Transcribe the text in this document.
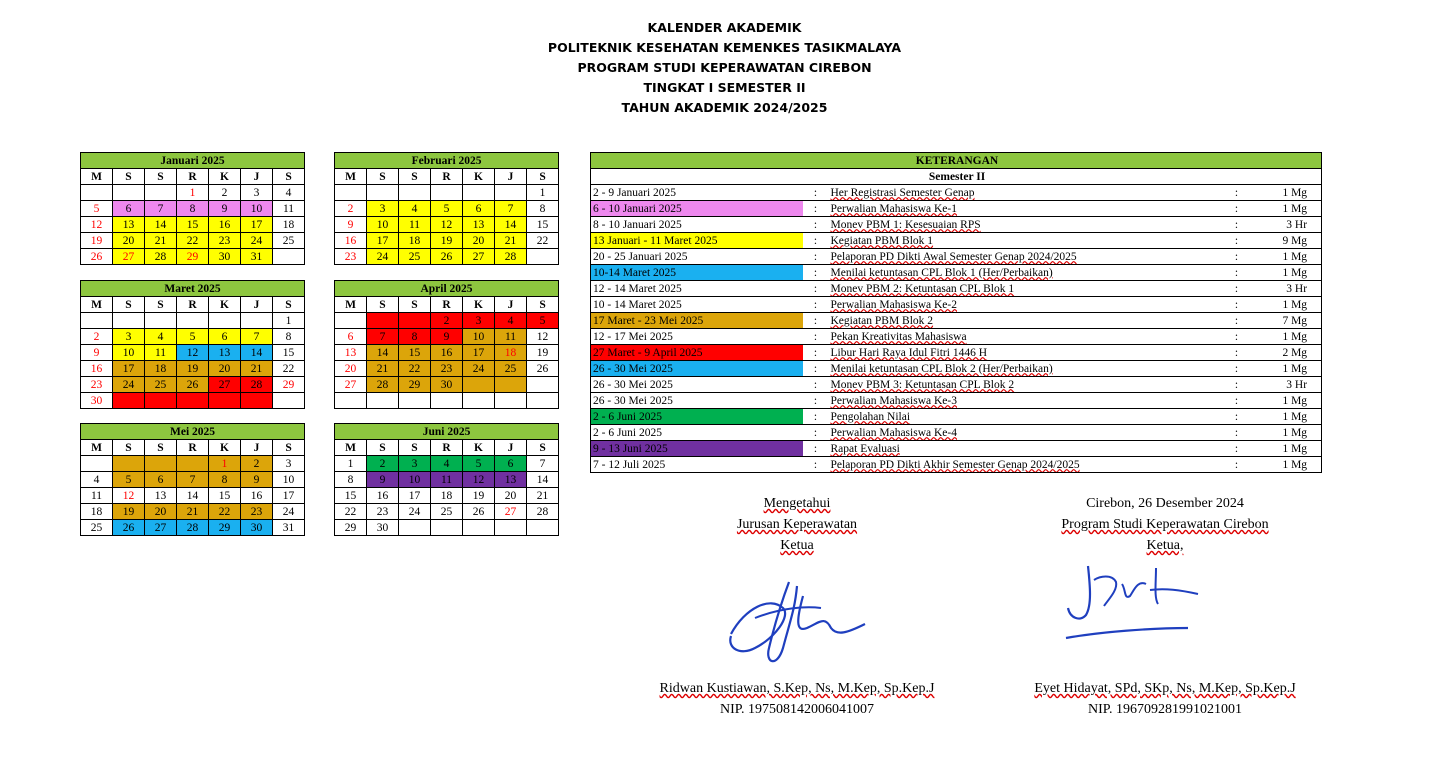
KALENDER AKADEMIK
POLITEKNIK KESEHATAN KEMENKES TASIKMALAYA
PROGRAM STUDI KEPERAWATAN CIREBON
TINGKAT I SEMESTER II
TAHUN AKADEMIK 2024/2025
Januari 2025						
M	S	S	R	K	J	S
			1	2	3	4
5	6	7	8	9	10	11
12	13	14	15	16	17	18
19	20	21	22	23	24	25
26	27	28	29	30	31	
Februari 2025						
M	S	S	R	K	J	S
						1
2	3	4	5	6	7	8
9	10	11	12	13	14	15
16	17	18	19	20	21	22
23	24	25	26	27	28	
Maret 2025						
M	S	S	R	K	J	S
						1
2	3	4	5	6	7	8
9	10	11	12	13	14	15
16	17	18	19	20	21	22
23	24	25	26	27	28	29
30						
April 2025						
M	S	S	R	K	J	S
			2	3	4	5
6	7	8	9	10	11	12
13	14	15	16	17	18	19
20	21	22	23	24	25	26
27	28	29	30			

Mei 2025						
M	S	S	R	K	J	S
				1	2	3
4	5	6	7	8	9	10
11	12	13	14	15	16	17
18	19	20	21	22	23	24
25	26	27	28	29	30	31
Juni 2025						
M	S	S	R	K	J	S
1	2	3	4	5	6	7
8	9	10	11	12	13	14
15	16	17	18	19	20	21
22	23	24	25	26	27	28
29	30					
KETERANGAN				
Semester II				
2 - 9 Januari 2025	:	Her Registrasi Semester Genap	:	1 Mg
6 - 10 Januari 2025	:	Perwalian Mahasiswa Ke-1	:	1 Mg
8 - 10 Januari 2025	:	Monev PBM 1: Kesesuaian RPS	:	3 Hr
13 Januari - 11 Maret 2025	:	Kegiatan PBM Blok 1	:	9 Mg
20 - 25 Januari 2025	:	Pelaporan PD Dikti Awal Semester Genap 2024/2025	:	1 Mg
10-14 Maret 2025	:	Menilai ketuntasan CPL Blok 1 (Her/Perbaikan)	:	1 Mg
12 - 14 Maret 2025	:	Monev PBM 2: Ketuntasan CPL Blok 1	:	3 Hr
10 - 14 Maret 2025	:	Perwalian Mahasiswa Ke-2	:	1 Mg
17 Maret - 23 Mei 2025	:	Kegiatan PBM Blok 2	:	7 Mg
12 - 17 Mei 2025	:	Pekan Kreativitas Mahasiswa	:	1 Mg
27 Maret - 9 April 2025	:	Libur Hari Raya Idul Fitri 1446 H	:	2 Mg
26 - 30 Mei 2025	:	Menilai ketuntasan CPL Blok 2 (Her/Perbaikan)	:	1 Mg
26 - 30 Mei 2025	:	Monev PBM 3: Ketuntasan CPL Blok 2	:	3 Hr
26 - 30 Mei 2025	:	Perwalian Mahasiswa Ke-3	:	1 Mg
2 - 6 Juni 2025	:	Pengolahan Nilai	:	1 Mg
2 - 6 Juni 2025	:	Perwalian Mahasiswa Ke-4	:	1 Mg
9 - 13 Juni 2025	:	Rapat Evaluasi	:	1 Mg
7 - 12 Juli 2025	:	Pelaporan PD Dikti Akhir Semester Genap 2024/2025	:	1 Mg
Mengetahui
Jurusan Keperawatan
Ketua
Ridwan Kustiawan, S.Kep, Ns, M.Kep, Sp.Kep.J
NIP. 197508142006041007
Cirebon, 26 Desember 2024
Program Studi Keperawatan Cirebon
Ketua,
Eyet Hidayat, SPd, SKp, Ns, M.Kep, Sp.Kep.J
NIP. 196709281991021001
